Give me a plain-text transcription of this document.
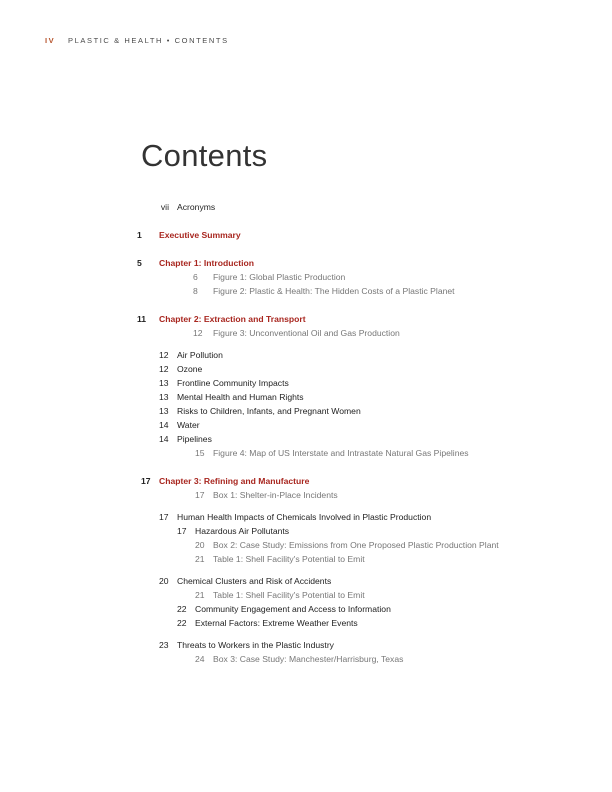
IV PLASTIC & HEALTH • CONTENTS
Contents
vii Acronyms
1	Executive Summary
5	Chapter 1: Introduction
6	Figure 1: Global Plastic Production
8	Figure 2: Plastic & Health: The Hidden Costs of a Plastic Planet
11	Chapter 2: Extraction and Transport
12	Figure 3: Unconventional Oil and Gas Production
12 Air Pollution
12 Ozone
13 Frontline Community Impacts
13 Mental Health and Human Rights
13 Risks to Children, Infants, and Pregnant Women
14 Water
14 Pipelines
15 Figure 4: Map of US Interstate and Intrastate Natural Gas Pipelines
17 Chapter 3: Refining and Manufacture
17 Box 1: Shelter-in-Place Incidents
17 Human Health Impacts of Chemicals Involved in Plastic Production
17 Hazardous Air Pollutants
20 Box 2: Case Study: Emissions from One Proposed Plastic Production Plant
21 Table 1: Shell Facility's Potential to Emit
20 Chemical Clusters and Risk of Accidents
21 Table 1: Shell Facility's Potential to Emit
22 Community Engagement and Access to Information
22 External Factors: Extreme Weather Events
23 Threats to Workers in the Plastic Industry
24 Box 3: Case Study: Manchester/Harrisburg, Texas
